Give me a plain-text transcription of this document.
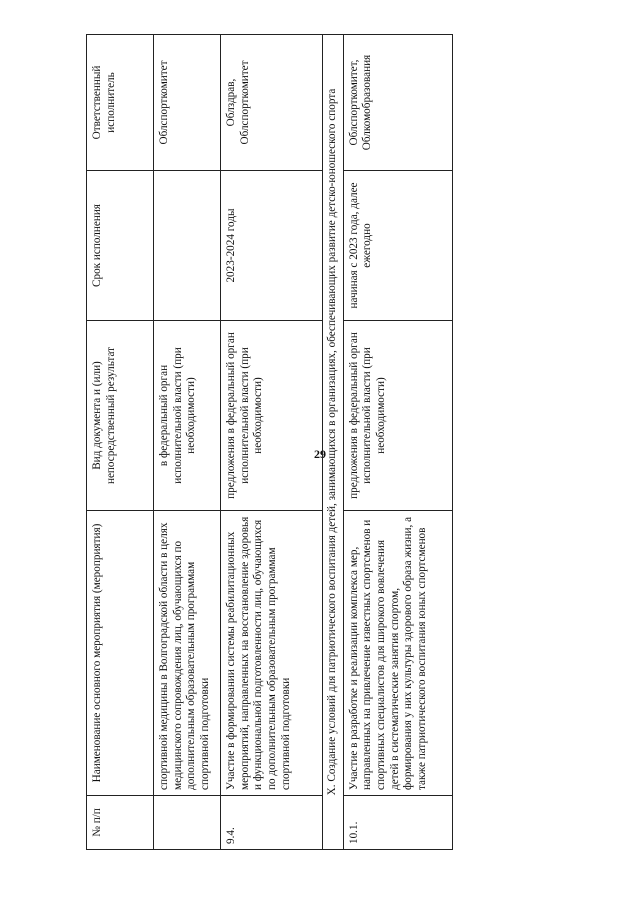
29
№ п/п	Наименование основного мероприятия (мероприятия)	Вид документа и (или) непосредственный результат	Срок исполнения	Ответственный исполнитель
	спортивной медицины в Волгоградской области в целях медицинского сопровождения лиц, обучающихся по дополнительным образовательным программам спортивной подготовки	в федеральный орган исполнительной власти (при необходимости)		Облспорткомитет
9.4.	Участие в формировании системы реабилитационных мероприятий, направленных на восстановление здоровья и функциональной подготовленности лиц, обучающихся по дополнительным образовательным программам спортивной подготовки	предложения в федеральный орган исполнительной власти (при необходимости)	2023-2024 годы	Облздрав, Облспорткомитет
X. Создание условий для патриотического воспитания детей, занимающихся в организациях, обеспечивающих развитие детско-юношеского спорта				
10.1.	Участие в разработке и реализации комплекса мер, направленных на привлечение известных спортсменов и спортивных специалистов для широкого вовлечения детей в систематические занятия спортом, формирования у них культуры здорового образа жизни, а также патриотического воспитания юных спортсменов	предложения в федеральный орган исполнительной власти (при необходимости)	начиная с 2023 года, далее ежегодно	Облспорткомитет, Облкомобразования
